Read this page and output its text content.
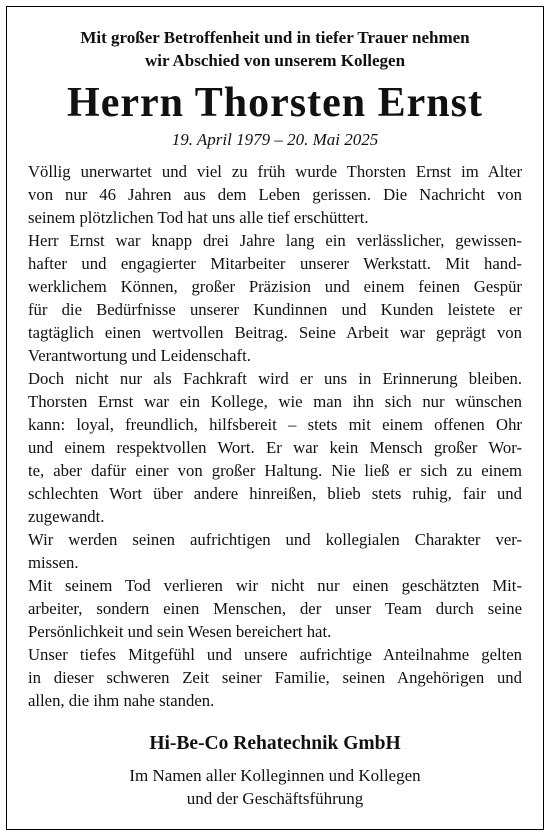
Mit großer Betroffenheit und in tiefer Trauer nehmen
wir Abschied von unserem Kollegen
Herrn Thorsten Ernst
19. April 1979 – 20. Mai 2025
Völlig unerwartet und viel zu früh wurde Thorsten Ernst im Alter
von nur 46 Jahren aus dem Leben gerissen. Die Nachricht von
seinem plötzlichen Tod hat uns alle tief erschüttert.
Herr Ernst war knapp drei Jahre lang ein verlässlicher, gewissen-
hafter und engagierter Mitarbeiter unserer Werkstatt. Mit hand-
werklichem Können, großer Präzision und einem feinen Gespür
für die Bedürfnisse unserer Kundinnen und Kunden leistete er
tagtäglich einen wertvollen Beitrag. Seine Arbeit war geprägt von
Verantwortung und Leidenschaft.
Doch nicht nur als Fachkraft wird er uns in Erinnerung bleiben.
Thorsten Ernst war ein Kollege, wie man ihn sich nur wünschen
kann: loyal, freundlich, hilfsbereit – stets mit einem offenen Ohr
und einem respektvollen Wort. Er war kein Mensch großer Wor-
te, aber dafür einer von großer Haltung. Nie ließ er sich zu einem
schlechten Wort über andere hinreißen, blieb stets ruhig, fair und
zugewandt.
Wir werden seinen aufrichtigen und kollegialen Charakter ver-
missen.
Mit seinem Tod verlieren wir nicht nur einen geschätzten Mit-
arbeiter, sondern einen Menschen, der unser Team durch seine
Persönlichkeit und sein Wesen bereichert hat.
Unser tiefes Mitgefühl und unsere aufrichtige Anteilnahme gelten
in dieser schweren Zeit seiner Familie, seinen Angehörigen und
allen, die ihm nahe standen.
Hi-Be-Co Rehatechnik GmbH
Im Namen aller Kolleginnen und Kollegen
und der Geschäftsführung
